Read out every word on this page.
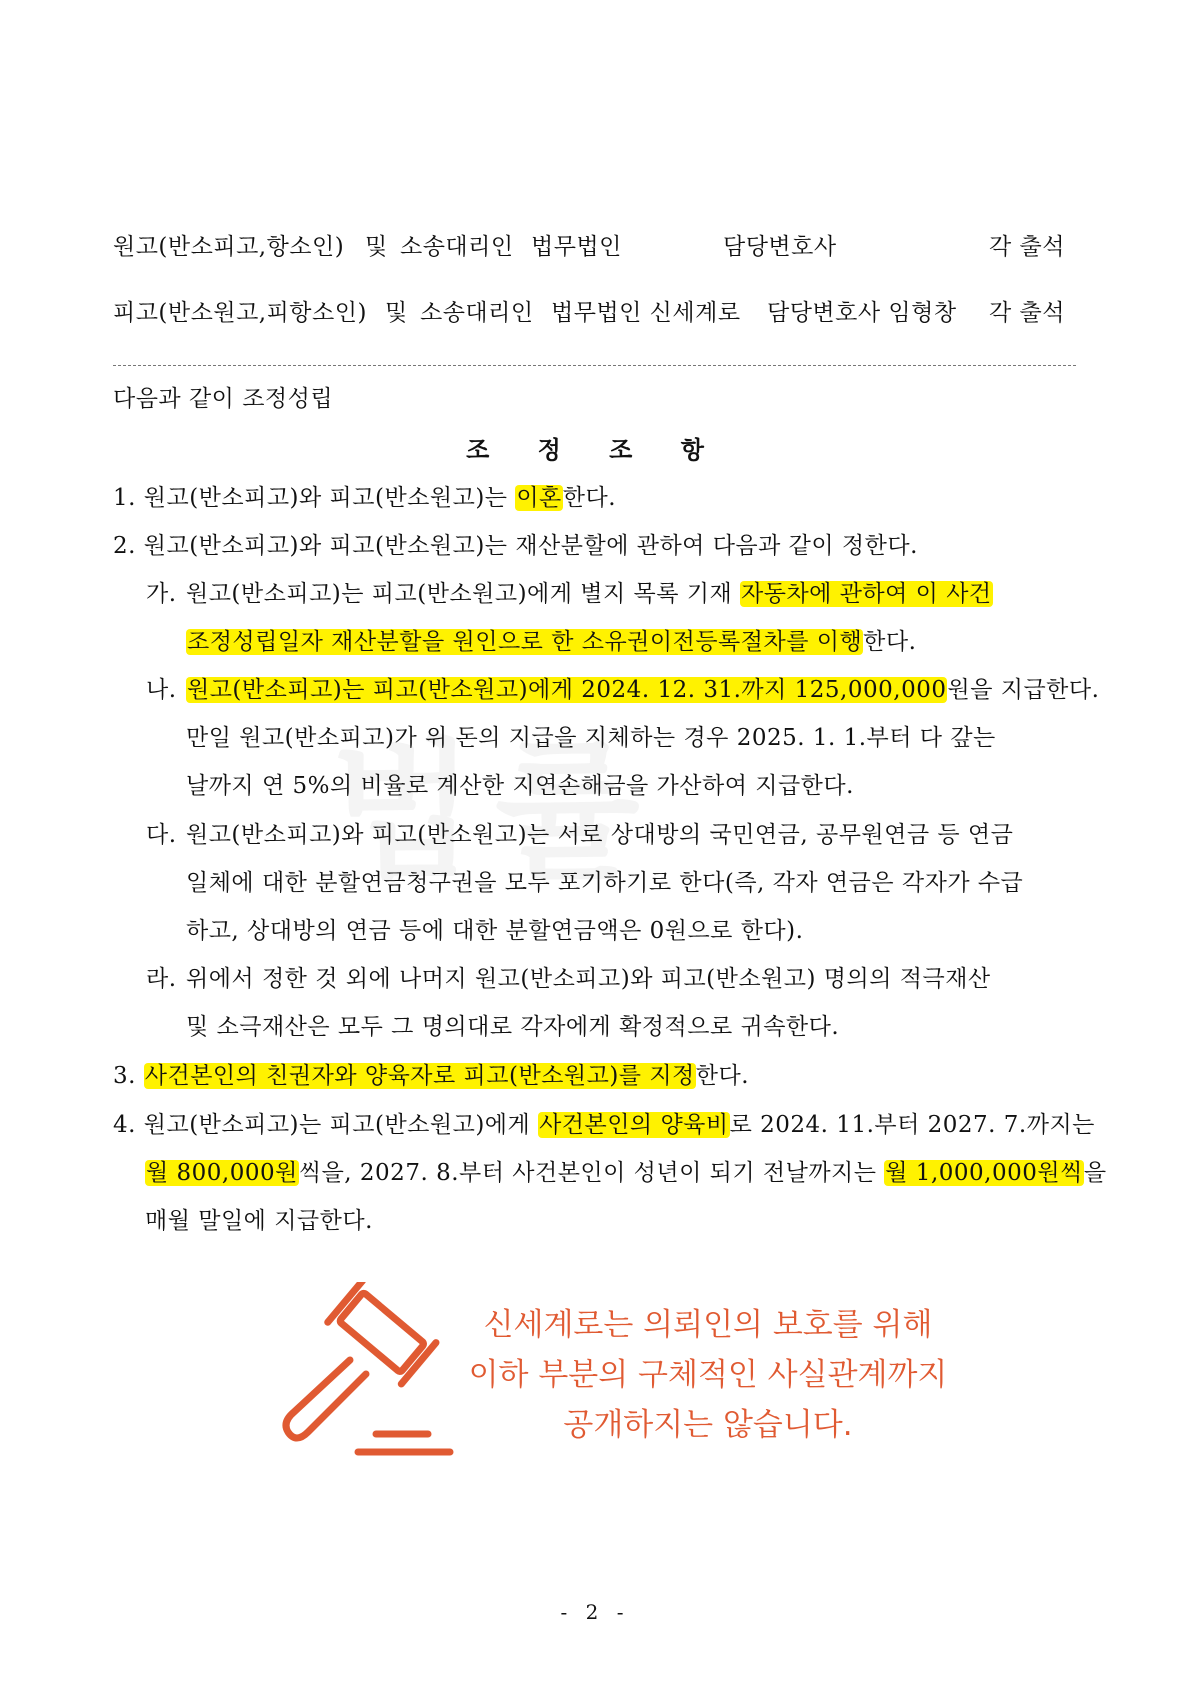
원고(반소피고,항소인) 및 소송대리인 법무법인	담당변호사	각 출석
피고(반소원고,피항소인) 및 소송대리인 법무법인 신세계로 담당변호사 임형창 각 출석
다음과 같이 조정성립
조 정 조 항
1. 원고(반소피고)와 피고(반소원고)는 이혼한다.
2. 원고(반소피고)와 피고(반소원고)는 재산분할에 관하여 다음과 같이 정한다.
가. 원고(반소피고)는 피고(반소원고)에게 별지 목록 기재 자동차에 관하여 이 사건
조정성립일자 재산분할을 원인으로 한 소유권이전등록절차를 이행한다.
나. 원고(반소피고)는 피고(반소원고)에게 2024. 12. 31.까지 125,000,000원을 지급한다.
만일 원고(반소피고)가 위 돈의 지급을 지체하는 경우 2025. 1. 1.부터 다 갚는
날까지 연 5%의 비율로 계산한 지연손해금을 가산하여 지급한다.
다. 원고(반소피고)와 피고(반소원고)는 서로 상대방의 국민연금, 공무원연금 등 연금
일체에 대한 분할연금청구권을 모두 포기하기로 한다(즉, 각자 연금은 각자가 수급
하고, 상대방의 연금 등에 대한 분할연금액은 0원으로 한다).
라. 위에서 정한 것 외에 나머지 원고(반소피고)와 피고(반소원고) 명의의 적극재산
및 소극재산은 모두 그 명의대로 각자에게 확정적으로 귀속한다.
3. 사건본인의 친권자와 양육자로 피고(반소원고)를 지정한다.
4. 원고(반소피고)는 피고(반소원고)에게 사건본인의 양육비로 2024. 11.부터 2027. 7.까지는
월 800,000원씩을, 2027. 8.부터 사건본인이 성년이 되기 전날까지는 월 1,000,000원씩을
매월 말일에 지급한다.
신세계로는 의뢰인의 보호를 위해
이하 부분의 구체적인 사실관계까지
공개하지는 않습니다.
- 2 -
